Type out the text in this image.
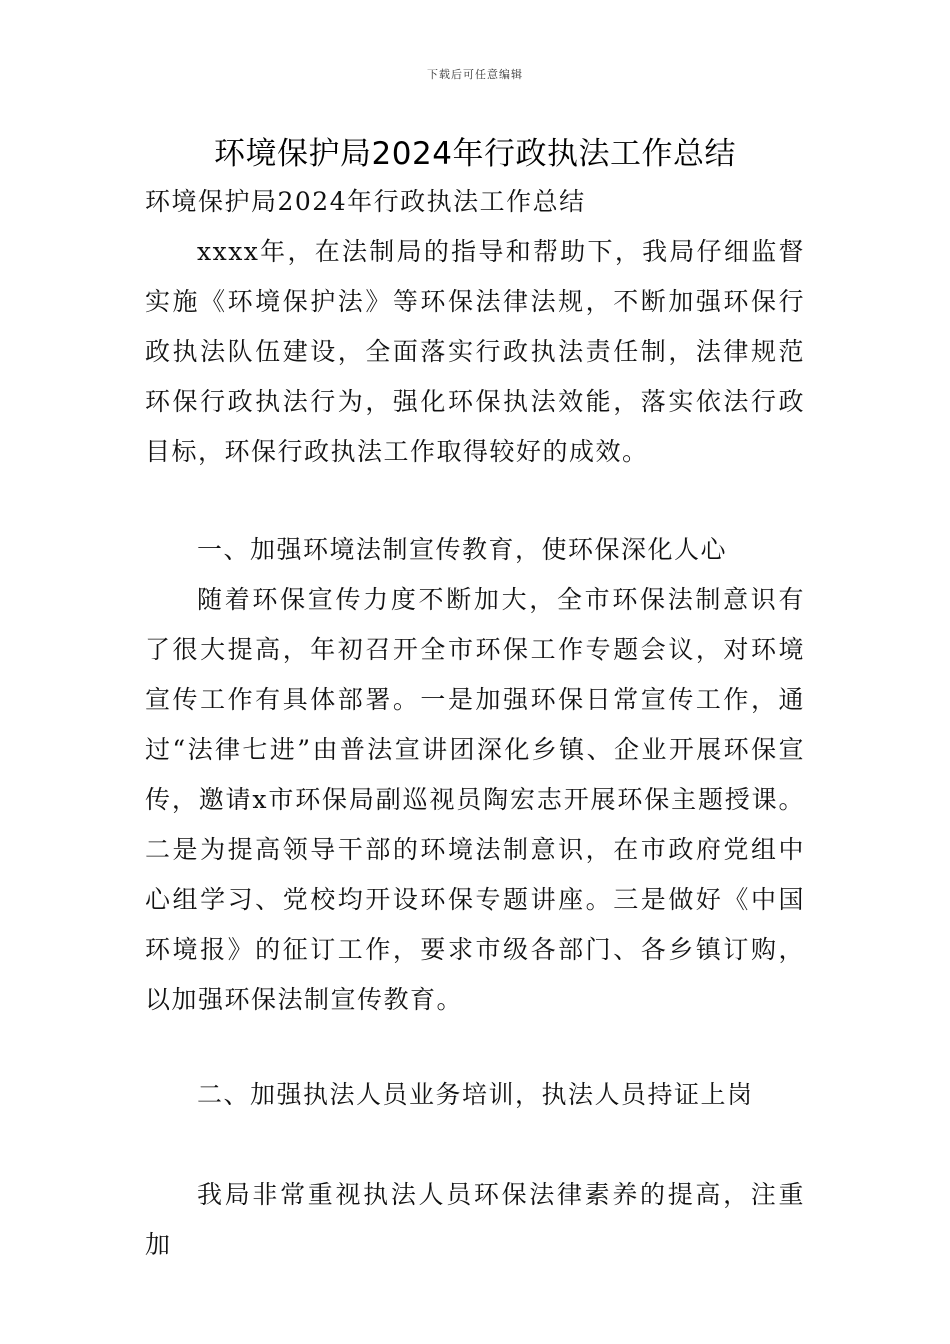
下载后可任意编辑
环境保护局2024年行政执法工作总结
环境保护局2024年行政执法工作总结
xxxx年，在法制局的指导和帮助下，我局仔细监督实施《环境保护法》等环保法律法规，不断加强环保行政执法队伍建设，全面落实行政执法责任制，法律规范环保行政执法行为，强化环保执法效能，落实依法行政目标，环保行政执法工作取得较好的成效。
一、加强环境法制宣传教育，使环保深化人心
随着环保宣传力度不断加大，全市环保法制意识有了很大提高，年初召开全市环保工作专题会议，对环境宣传工作有具体部署。一是加强环保日常宣传工作，通过“法律七进”由普法宣讲团深化乡镇、企业开展环保宣传，邀请x市环保局副巡视员陶宏志开展环保主题授课。二是为提高领导干部的环境法制意识，在市政府党组中心组学习、党校均开设环保专题讲座。三是做好《中国环境报》的征订工作，要求市级各部门、各乡镇订购，以加强环保法制宣传教育。
二、加强执法人员业务培训，执法人员持证上岗
我局非常重视执法人员环保法律素养的提高，注重加
